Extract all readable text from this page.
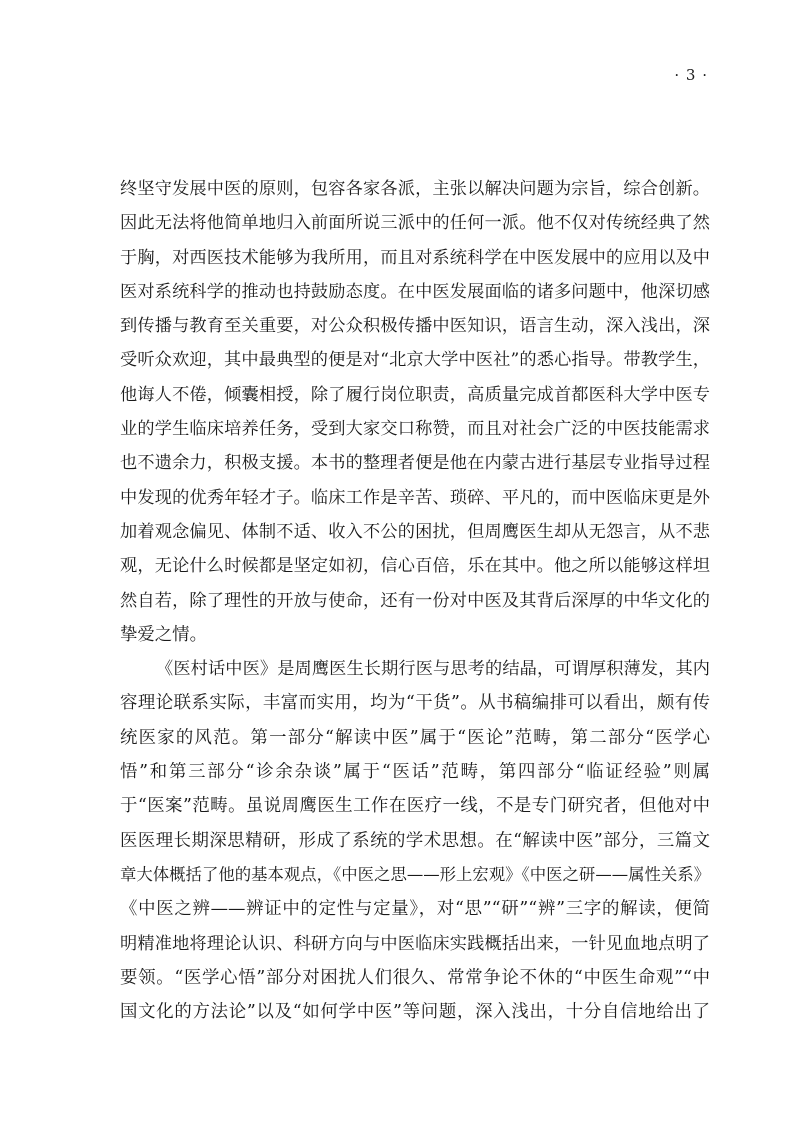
· 3 ·
终坚守发展中医的原则，包容各家各派，主张以解决问题为宗旨，综合创新。
因此无法将他简单地归入前面所说三派中的任何一派。他不仅对传统经典了然
于胸，对西医技术能够为我所用，而且对系统科学在中医发展中的应用以及中
医对系统科学的推动也持鼓励态度。在中医发展面临的诸多问题中，他深切感
到传播与教育至关重要，对公众积极传播中医知识，语言生动，深入浅出，深
受听众欢迎，其中最典型的便是对“北京大学中医社”的悉心指导。带教学生，
他诲人不倦，倾囊相授，除了履行岗位职责，高质量完成首都医科大学中医专
业的学生临床培养任务，受到大家交口称赞，而且对社会广泛的中医技能需求
也不遗余力，积极支援。本书的整理者便是他在内蒙古进行基层专业指导过程
中发现的优秀年轻才子。临床工作是辛苦、琐碎、平凡的，而中医临床更是外
加着观念偏见、体制不适、收入不公的困扰，但周鹰医生却从无怨言，从不悲
观，无论什么时候都是坚定如初，信心百倍，乐在其中。他之所以能够这样坦
然自若，除了理性的开放与使命，还有一份对中医及其背后深厚的中华文化的
挚爱之情。
《医村话中医》是周鹰医生长期行医与思考的结晶，可谓厚积薄发，其内
容理论联系实际，丰富而实用，均为“干货”。从书稿编排可以看出，颇有传
统医家的风范。第一部分“解读中医”属于“医论”范畴，第二部分“医学心
悟”和第三部分“诊余杂谈”属于“医话”范畴，第四部分“临证经验”则属
于“医案”范畴。虽说周鹰医生工作在医疗一线，不是专门研究者，但他对中
医医理长期深思精研，形成了系统的学术思想。在“解读中医”部分，三篇文
章大体概括了他的基本观点，《中医之思——形上宏观》《中医之研——属性关系》
《中医之辨——辨证中的定性与定量》，对“思”“研”“辨”三字的解读，便简
明精准地将理论认识、科研方向与中医临床实践概括出来，一针见血地点明了
要领。“医学心悟”部分对困扰人们很久、常常争论不休的“中医生命观”“中
国文化的方法论”以及“如何学中医”等问题，深入浅出，十分自信地给出了
